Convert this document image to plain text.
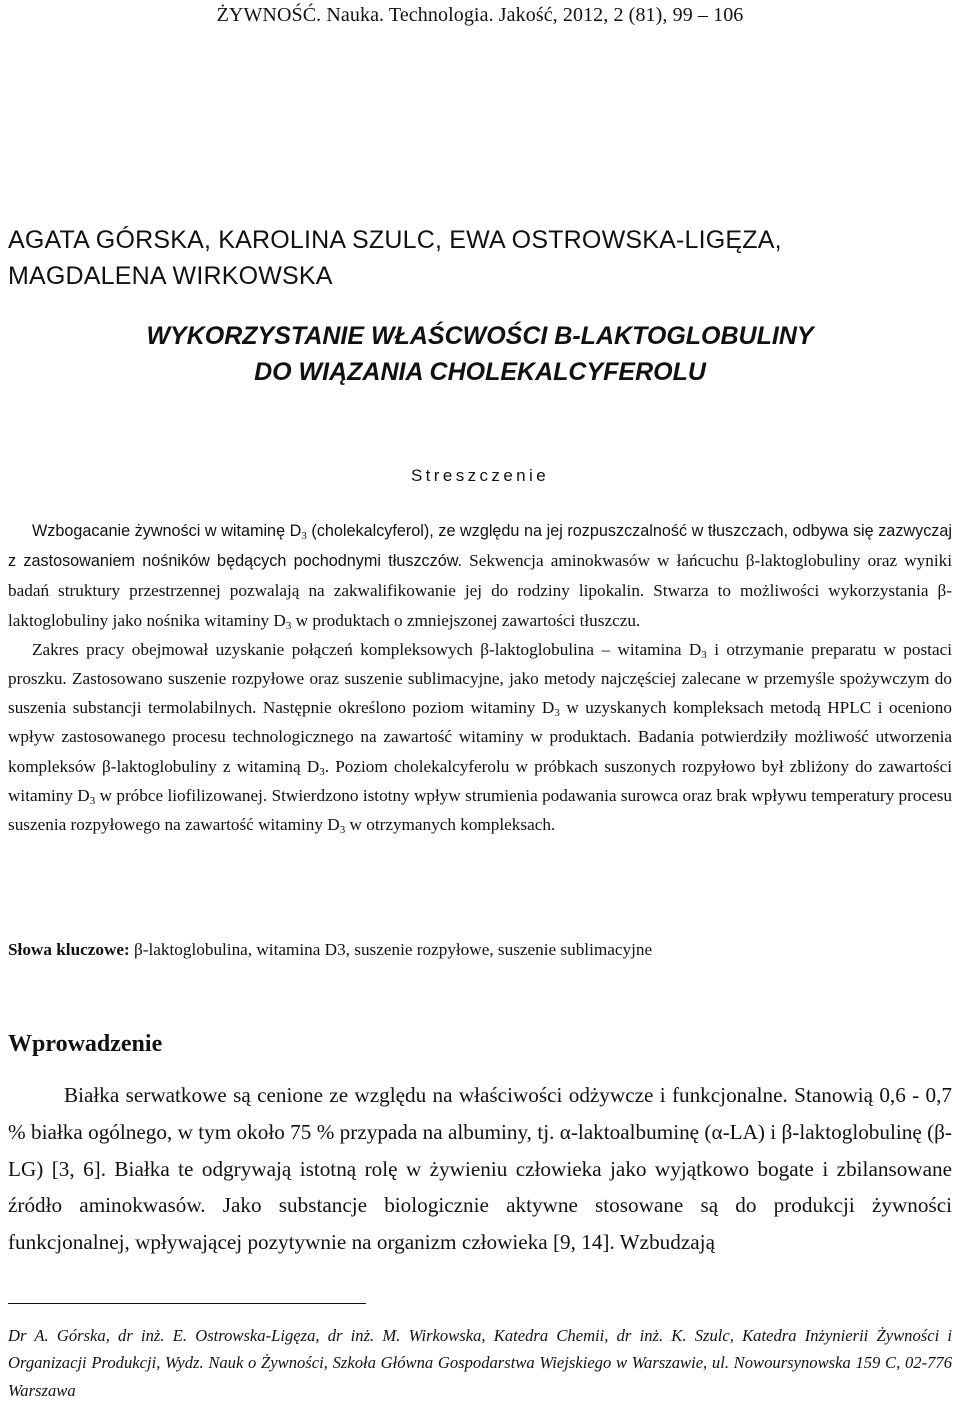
ŻYWNOŚĆ. Nauka. Technologia. Jakość, 2012, 2 (81), 99 – 106
AGATA GÓRSKA, KAROLINA SZULC, EWA OSTROWSKA-LIGĘZA,
MAGDALENA WIRKOWSKA
WYKORZYSTANIE WŁAŚCWOŚCI B-LAKTOGLOBULINY
DO WIĄZANIA CHOLEKALCYFEROLU
Streszczenie

Wzbogacanie żywności w witaminę $D_3$ (cholekalcyferol), ze względu na jej rozpuszczalność w tłuszczach, odbywa się zazwyczaj z zastosowaniem nośników będących pochodnymi tłuszczów. Sekwencja aminokwasów w łańcuchu β-laktoglobuliny oraz wyniki badań struktury przestrzennej pozwalają na zakwalifikowanie jej do rodziny lipokalin. Stwarza to możliwości wykorzystania β-laktoglobuliny jako nośnika witaminy $D_3$ w produktach o zmniejszonej zawartości tłuszczu.

Zakres pracy obejmował uzyskanie połączeń kompleksowych β-laktoglobulina – witamina $D_3$ i otrzymanie preparatu w postaci proszku. Zastosowano suszenie rozpyłowe oraz suszenie sublimacyjne, jako metody najczęściej zalecane w przemyśle spożywczym do suszenia substancji termolabilnych. Następnie określono poziom witaminy $D_3$ w uzyskanych kompleksach metodą HPLC i oceniono wpływ zastosowanego procesu technologicznego na zawartość witaminy w produktach. Badania potwierdziły możliwość utworzenia kompleksów β-laktoglobuliny z witaminą $D_3$. Poziom cholekalcyferolu w próbkach suszonych rozpyłowo był zbliżony do zawartości witaminy $D_3$ w próbce liofilizowanej. Stwierdzono istotny wpływ strumienia podawania surowca oraz brak wpływu temperatury procesu suszenia rozpyłowego na zawartość witaminy $D_3$ w otrzymanych kompleksach.

Słowa kluczowe: β-laktoglobulina, witamina D3, suszenie rozpyłowe, suszenie sublimacyjne
Wprowadzenie

Białka serwatkowe są cenione ze względu na właściwości odżywcze i funkcjonalne. Stanowią 0,6 - 0,7 % białka ogólnego, w tym około 75 % przypada na albuminy, tj. α-laktoalbuminę (α-LA) i β-laktoglobulinę (β-LG) [3, 6]. Białka te odgrywają istotną rolę w żywieniu człowieka jako wyjątkowo bogate i zbilansowane źródło aminokwasów. Jako substancje biologicznie aktywne stosowane są do produkcji żywności funkcjonalnej, wpływającej pozytywnie na organizm człowieka [9, 14]. Wzbudzają

Dr A. Górska, dr inż. E. Ostrowska-Ligęza, dr inż. M. Wirkowska, Katedra Chemii, dr inż. K. Szulc, Katedra Inżynierii Żywności i Organizacji Produkcji, Wydz. Nauk o Żywności, Szkoła Główna Gospodarstwa Wiejskiego w Warszawie, ul. Nowoursynowska 159 C, 02-776 Warszawa
